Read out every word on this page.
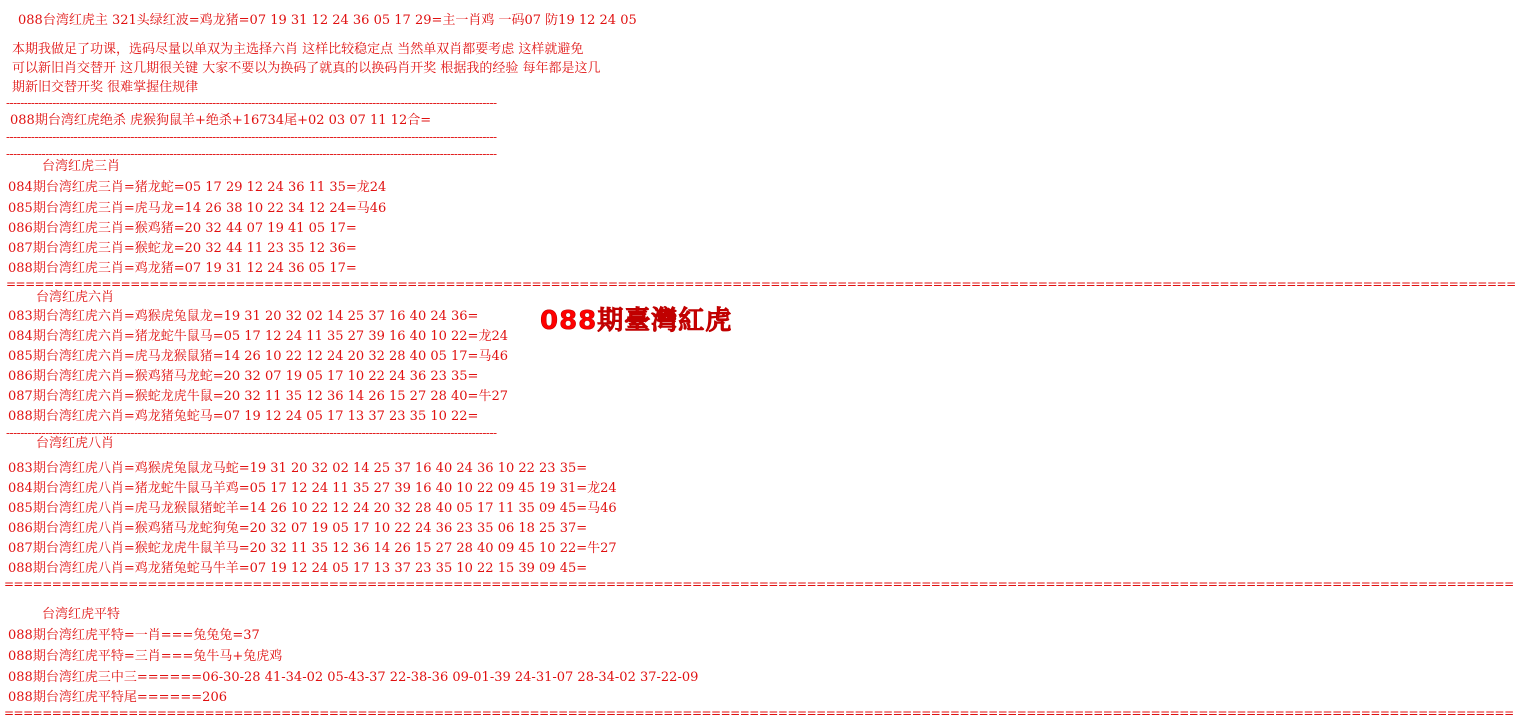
088台湾红虎主 321头绿红波=鸡龙猪=07 19 31 12 24 36 05 17 29=主一肖鸡 一码07 防19 12 24 05
本期我做足了功课，选码尽量以单双为主选择六肖 这样比较稳定点 当然单双肖都要考虑 这样就避免
可以新旧肖交替开 这几期很关键 大家不要以为换码了就真的以换码肖开奖 根据我的经验 每年都是这几
期新旧交替开奖 很难掌握住规律
------------------------------------------------------------------------------------------------------------------------------------------
088期台湾红虎绝杀 虎猴狗鼠羊+绝杀+16734尾+02 03 07 11 12合=
------------------------------------------------------------------------------------------------------------------------------------------
------------------------------------------------------------------------------------------------------------------------------------------
台湾红虎三肖
084期台湾红虎三肖=猪龙蛇=05 17 29 12 24 36 11 35=龙24
085期台湾红虎三肖=虎马龙=14 26 38 10 22 34 12 24=马46
086期台湾红虎三肖=猴鸡猪=20 32 44 07 19 41 05 17=
087期台湾红虎三肖=猴蛇龙=20 32 44 11 23 35 12 36=
088期台湾红虎三肖=鸡龙猪=07 19 31 12 24 36 05 17=
==============================================================================================================================================================
台湾红虎六肖
083期台湾红虎六肖=鸡猴虎兔鼠龙=19 31 20 32 02 14 25 37 16 40 24 36=
084期台湾红虎六肖=猪龙蛇牛鼠马=05 17 12 24 11 35 27 39 16 40 10 22=龙24
085期台湾红虎六肖=虎马龙猴鼠猪=14 26 10 22 12 24 20 32 28 40 05 17=马46
086期台湾红虎六肖=猴鸡猪马龙蛇=20 32 07 19 05 17 10 22 24 36 23 35=
087期台湾红虎六肖=猴蛇龙虎牛鼠=20 32 11 35 12 36 14 26 15 27 28 40=牛27
088期台湾红虎六肖=鸡龙猪兔蛇马=07 19 12 24 05 17 13 37 23 35 10 22=
088期臺灣紅虎
------------------------------------------------------------------------------------------------------------------------------------------
台湾红虎八肖
083期台湾红虎八肖=鸡猴虎兔鼠龙马蛇=19 31 20 32 02 14 25 37 16 40 24 36 10 22 23 35=
084期台湾红虎八肖=猪龙蛇牛鼠马羊鸡=05 17 12 24 11 35 27 39 16 40 10 22 09 45 19 31=龙24
085期台湾红虎八肖=虎马龙猴鼠猪蛇羊=14 26 10 22 12 24 20 32 28 40 05 17 11 35 09 45=马46
086期台湾红虎八肖=猴鸡猪马龙蛇狗兔=20 32 07 19 05 17 10 22 24 36 23 35 06 18 25 37=
087期台湾红虎八肖=猴蛇龙虎牛鼠羊马=20 32 11 35 12 36 14 26 15 27 28 40 09 45 10 22=牛27
088期台湾红虎八肖=鸡龙猪兔蛇马牛羊=07 19 12 24 05 17 13 37 23 35 10 22 15 39 09 45=
==============================================================================================================================================================
台湾红虎平特
088期台湾红虎平特=一肖===兔兔兔=37
088期台湾红虎平特=三肖===兔牛马+兔虎鸡
088期台湾红虎三中三======06-30-28 41-34-02 05-43-37 22-38-36 09-01-39 24-31-07 28-34-02 37-22-09
088期台湾红虎平特尾======206
==============================================================================================================================================================
